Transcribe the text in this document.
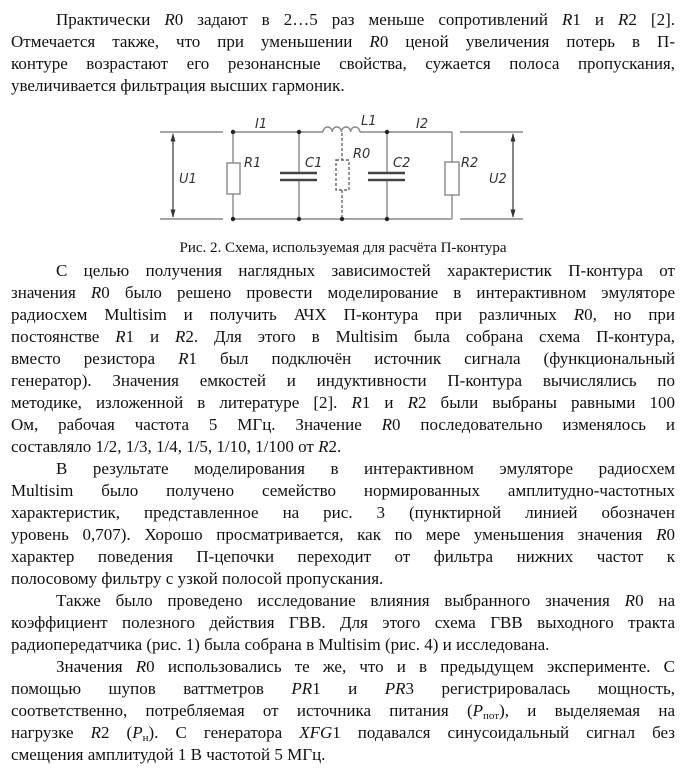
Практически R0 задают в 2…5 раз меньше сопротивлений R1 и R2 [2].
Отмечается также, что при уменьшении R0 ценой увеличения потерь в П-
контуре возрастают его резонансные свойства, сужается полоса пропускания,
увеличивается фильтрация высших гармоник.
I1	L1	I2
R1	C1
R0
C2	R2
U1	U2
Рис. 2. Схема, используемая для расчёта П-контура
С целью получения наглядных зависимостей характеристик П-контура от
значения R0 было решено провести моделирование в интерактивном эмуляторе
радиосхем Multisim и получить АЧХ П-контура при различных R0, но при
постоянстве R1 и R2. Для этого в Multisim была собрана схема П-контура,
вместо резистора R1 был подключён источник сигнала (функциональный
генератор). Значения емкостей и индуктивности П-контура вычислялись по
методике, изложенной в литературе [2]. R1 и R2 были выбраны равными 100
Ом, рабочая частота 5 МГц. Значение R0 последовательно изменялось и
составляло 1/2, 1/3, 1/4, 1/5, 1/10, 1/100 от R2.
В результате моделирования в интерактивном эмуляторе радиосхем
Multisim было получено семейство нормированных амплитудно-частотных
характеристик, представленное на рис. 3 (пунктирной линией обозначен
уровень 0,707). Хорошо просматривается, как по мере уменьшения значения R0
характер поведения П-цепочки переходит от фильтра нижних частот к
полосовому фильтру с узкой полосой пропускания.
Также было проведено исследование влияния выбранного значения R0 на
коэффициент полезного действия ГВВ. Для этого схема ГВВ выходного тракта
радиопередатчика (рис. 1) была собрана в Multisim (рис. 4) и исследована.
Значения R0 использовались те же, что и в предыдущем эксперименте. С
помощью шупов ваттметров PR1 и PR3 регистрировалась мощность,
соответственно, потребляемая от источника питания $(P_{пот})$, и выделяемая на
нагрузке R2 $(P_н)$. С генератора XFG1 подавался синусоидальный сигнал без
смещения амплитудой 1 В частотой 5 МГц.
